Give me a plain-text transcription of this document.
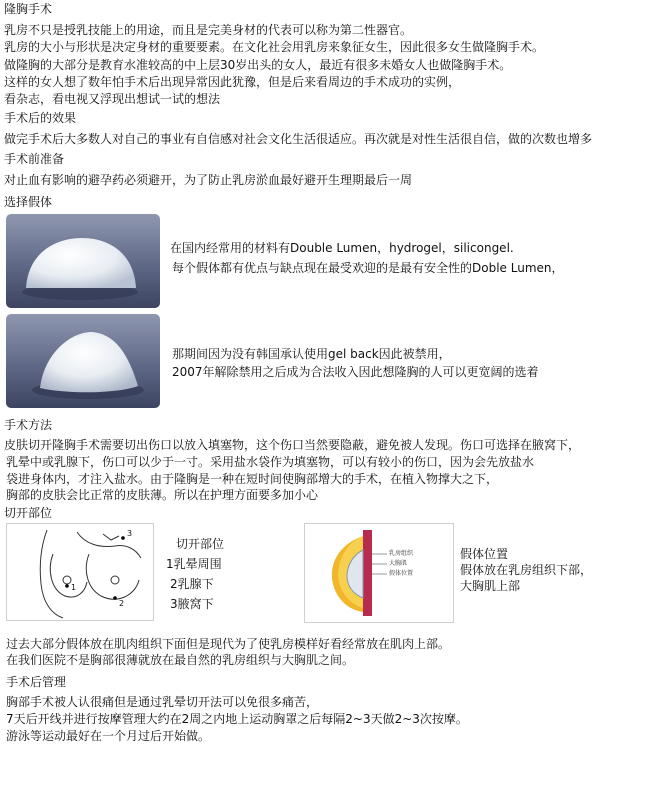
隆胸手术
乳房不只是授乳技能上的用途，而且是完美身材的代表可以称为第二性器官。
乳房的大小与形状是决定身材的重要要素。在文化社会用乳房来象征女生，因此很多女生做隆胸手术。
做隆胸的大部分是教育水准较高的中上层30岁出头的女人，最近有很多未婚女人也做隆胸手术。
这样的女人想了数年怕手术后出现异常因此犹豫，但是后来看周边的手术成功的实例，
看杂志，看电视又浮现出想试一试的想法
手术后的效果
做完手术后大多数人对自己的事业有自信感对社会文化生活很适应。再次就是对性生活很自信，做的次数也增多
手术前准备
对止血有影响的避孕药必须避开，为了防止乳房淤血最好避开生理期最后一周
选择假体
在国内经常用的材料有Double Lumen，hydrogel，silicongel.
每个假体都有优点与缺点现在最受欢迎的是最有安全性的Doble Lumen，
那期间因为没有韩国承认使用gel back因此被禁用，
2007年解除禁用之后成为合法收入因此想隆胸的人可以更宽阔的选着
手术方法
皮肤切开隆胸手术需要切出伤口以放入填塞物，这个伤口当然要隐蔽，避免被人发现。伤口可选择在腋窝下，
乳晕中或乳腺下，伤口可以少于一寸。采用盐水袋作为填塞物，可以有较小的伤口，因为会先放盐水
袋进身体内，才注入盐水。由于隆胸是一种在短时间使胸部增大的手术，在植入物撑大之下，
胸部的皮肤会比正常的皮肤薄。所以在护理方面要多加小心
切开部位
1
2
3
切开部位
1乳晕周围
2乳腺下
3腋窝下
乳房组织
大胸肌
假体位置
假体位置
假体放在乳房组织下部，
大胸肌上部
过去大部分假体放在肌肉组织下面但是现代为了使乳房模样好看经常放在肌肉上部。
在我们医院不是胸部很薄就放在最自然的乳房组织与大胸肌之间。
手术后管理
胸部手术被人认很痛但是通过乳晕切开法可以免很多痛苦，
7天后开线并进行按摩管理大约在2周之内地上运动胸罩之后每隔2~3天做2~3次按摩。
游泳等运动最好在一个月过后开始做。
